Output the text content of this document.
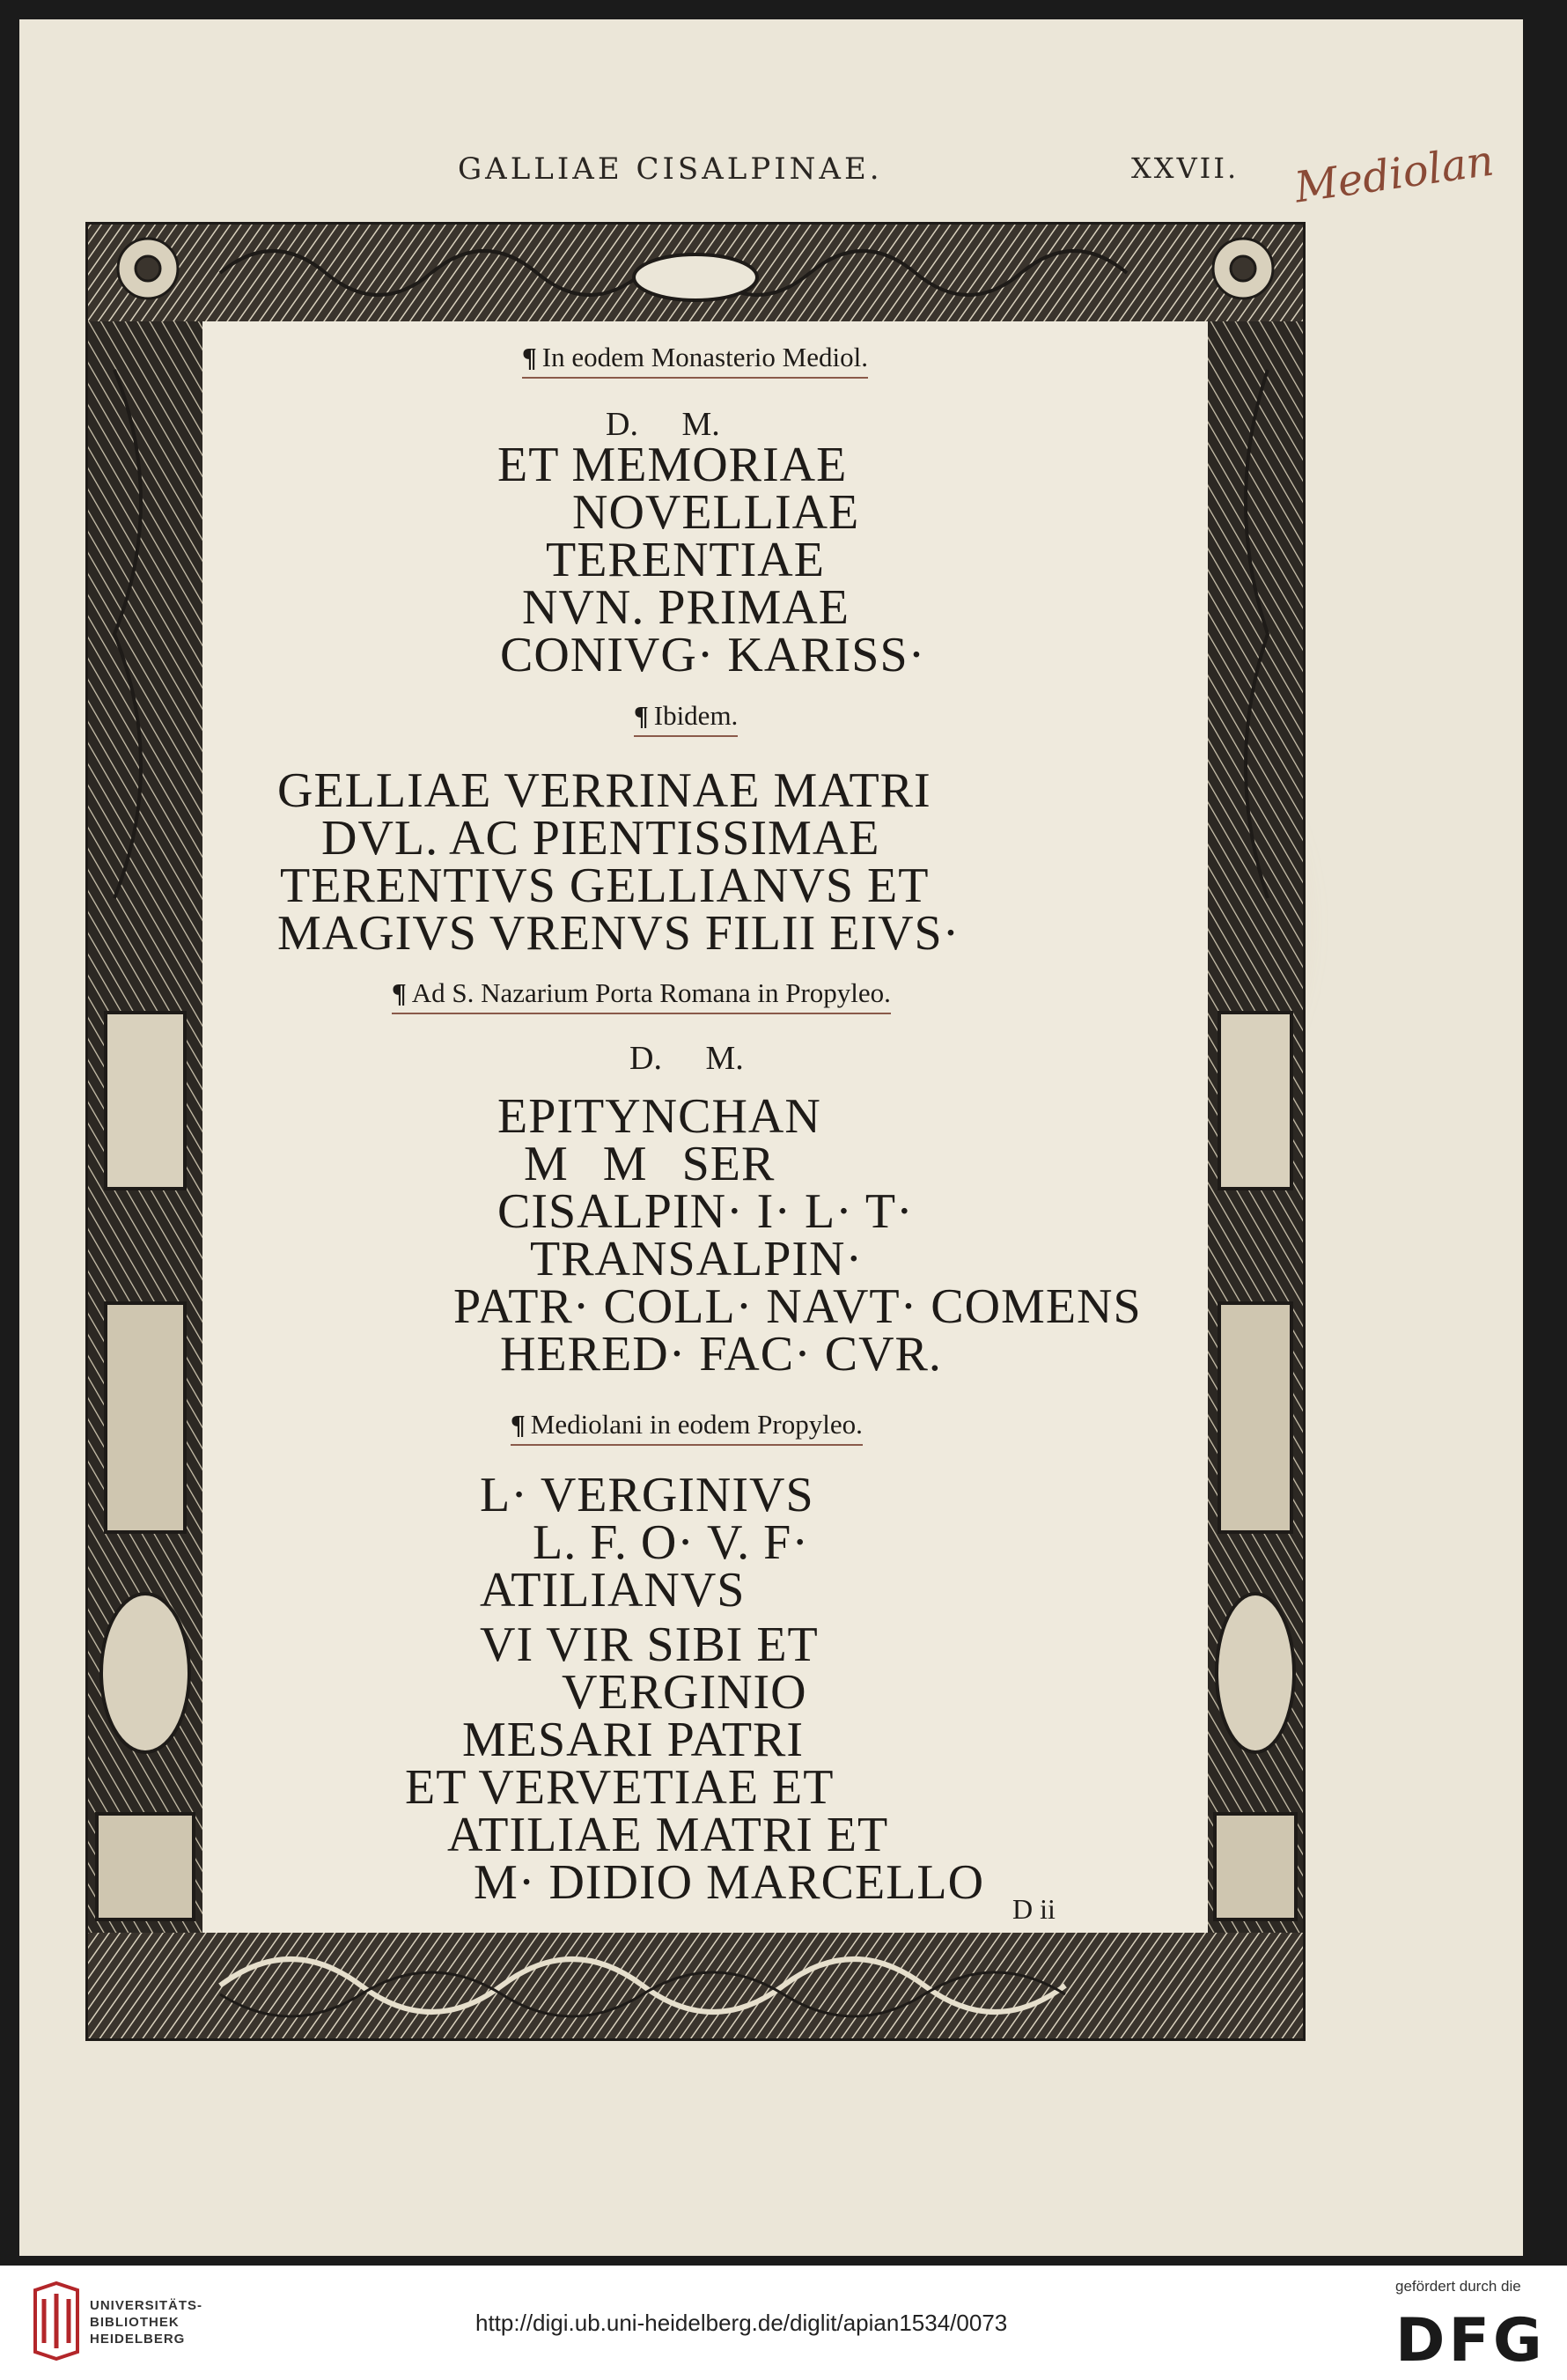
GALLIAE CISALPINAE.	XXVII. Mediolan
¶ In eodem Monasterio Mediol.
D. M.
ET MEMORIAE
NOVELLIAE
TERENTIAE
NVN. PRIMAE
CONIVG· KARISS·
¶ Ibidem.
GELLIAE VERRINAE MATRI
DVL. AC PIENTISSIMAE
TERENTIVS GELLIANVS ET
MAGIVS VRENVS FILII EIVS·
¶ Ad S. Nazarium Porta Romana in Propyleo.
D. M.
EPITYNCHAN
M M SER
CISALPIN· I· L· T·
TRANSALPIN·
PATR· COLL· NAVT· COMENS
HERED· FAC· CVR.
¶ Mediolani in eodem Propyleo.
L· VERGINIVS
L. F. O· V. F·
ATILIANVS
VI VIR SIBI ET
VERGINIO
MESARI PATRI
ET VERVETIAE ET
ATILIAE MATRI ET
M· DIDIO MARCELLO D ii
UNIVERSITÄTS-
BIBLIOTHEK
HEIDELBERG
http://digi.ub.uni-heidelberg.de/diglit/apian1534/0073
gefördert durch die
DFG
